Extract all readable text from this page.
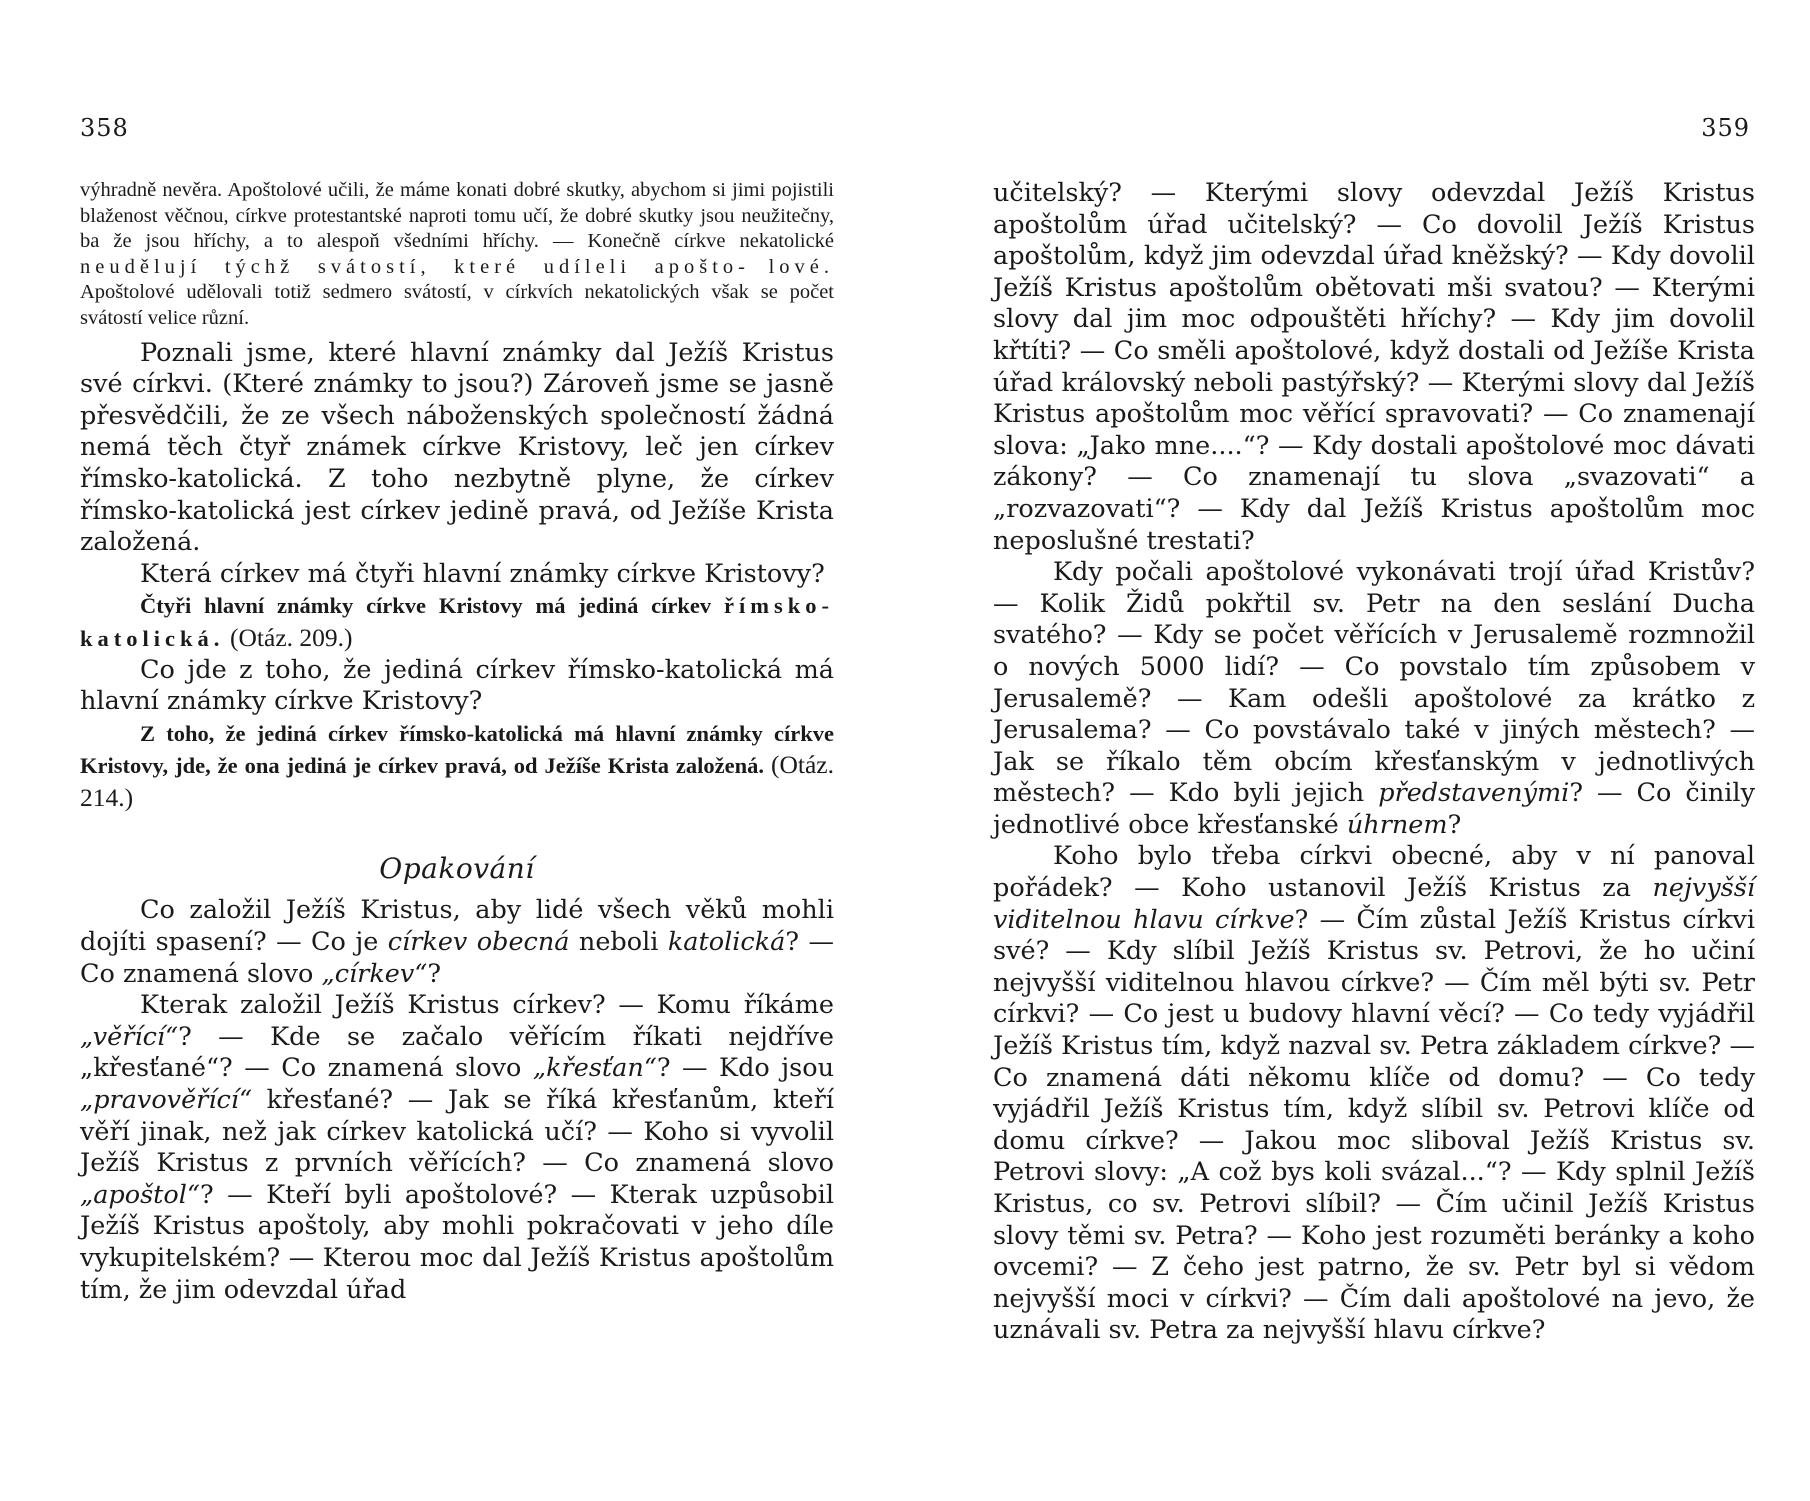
358

výhradně nevěra. Apoštolové učili, že máme konati dobré skutky, abychom si jimi pojistili blaženost věčnou, církve protestantské naproti tomu učí, že dobré skutky jsou neužitečny, ba že jsou hříchy, a to alespoň všedními hříchy. — Konečně církve nekatolické neudělují týchž svátostí, které udíleli apošto- lové. Apoštolové udělovali totiž sedmero svátostí, v církvích nekatolických však se počet svátostí velice různí.

Poznali jsme, které hlavní známky dal Ježíš Kristus své církvi. (Které známky to jsou?) Zároveň jsme se jasně přesvědčili, že ze všech náboženských společností žádná nemá těch čtyř známek církve Kristovy, leč jen církev římsko-katolická. Z toho nezbytně plyne, že církev římsko-katolická jest církev jedině pravá, od Ježíše Krista založená.

Která církev má čtyři hlavní známky církve Kristovy?

Čtyři hlavní známky církve Kristovy má jediná církev římsko-katolická. (Otáz. 209.)

Co jde z toho, že jediná církev římsko-katolická má hlavní známky církve Kristovy?

Z toho, že jediná církev římsko-katolická má hlavní známky církve Kristovy, jde, že ona jediná je církev pravá, od Ježíše Krista založená. (Otáz. 214.)

Opakování

Co založil Ježíš Kristus, aby lidé všech věků mohli dojíti spasení? — Co je církev obecná neboli katolická? — Co znamená slovo „církev“?

Kterak založil Ježíš Kristus církev? — Komu říkáme „věřící“? — Kde se začalo věřícím říkati nejdříve „křesťané“? — Co znamená slovo „křesťan“? — Kdo jsou „pravověřící“ křesťané? — Jak se říká křesťanům, kteří věří jinak, než jak církev katolická učí? — Koho si vyvolil Ježíš Kristus z prvních věřících? — Co znamená slovo „apoštol“? — Kteří byli apoštolové? — Kterak uzpůsobil Ježíš Kristus apoštoly, aby mohli pokračovati v jeho díle vykupitelském? — Kterou moc dal Ježíš Kristus apoštolům tím, že jim odevzdal úřad

359

učitelský? — Kterými slovy odevzdal Ježíš Kristus apoštolům úřad učitelský? — Co dovolil Ježíš Kristus apoštolům, když jim odevzdal úřad kněžský? — Kdy dovolil Ježíš Kristus apoštolům obětovati mši svatou? — Kterými slovy dal jim moc odpouštěti hříchy? — Kdy jim dovolil křtíti? — Co směli apoštolové, když dostali od Ježíše Krista úřad královský neboli pastýřský? — Kterými slovy dal Ježíš Kristus apoštolům moc věřící spravovati? — Co znamenají slova: „Jako mne....“? — Kdy dostali apoštolové moc dávati zákony? — Co znamenají tu slova „svazovati“ a „rozvazovati“? — Kdy dal Ježíš Kristus apoštolům moc neposlušné trestati?

Kdy počali apoštolové vykonávati trojí úřad Kristův? — Kolik Židů pokřtil sv. Petr na den seslání Ducha svatého? — Kdy se počet věřících v Jerusalemě rozmnožil o nových 5000 lidí? — Co povstalo tím způsobem v Jerusalemě? — Kam odešli apoštolové za krátko z Jerusalema? — Co povstávalo také v jiných městech? — Jak se říkalo těm obcím křesťanským v jednotlivých městech? — Kdo byli jejich představenými? — Co činily jednotlivé obce křesťanské úhrnem?

Koho bylo třeba církvi obecné, aby v ní panoval pořádek? — Koho ustanovil Ježíš Kristus za nejvyšší viditelnou hlavu církve? — Čím zůstal Ježíš Kristus církvi své? — Kdy slíbil Ježíš Kristus sv. Petrovi, že ho učiní nejvyšší viditelnou hlavou církve? — Čím měl býti sv. Petr církvi? — Co jest u budovy hlavní věcí? — Co tedy vyjádřil Ježíš Kristus tím, když nazval sv. Petra základem církve? — Co znamená dáti někomu klíče od domu? — Co tedy vyjádřil Ježíš Kristus tím, když slíbil sv. Petrovi klíče od domu církve? — Jakou moc sliboval Ježíš Kristus sv. Petrovi slovy: „A což bys koli svázal...“? — Kdy splnil Ježíš Kristus, co sv. Petrovi slíbil? — Čím učinil Ježíš Kristus slovy těmi sv. Petra? — Koho jest rozuměti beránky a koho ovcemi? — Z čeho jest patrno, že sv. Petr byl si vědom nejvyšší moci v církvi? — Čím dali apoštolové na jevo, že uznávali sv. Petra za nejvyšší hlavu církve?
